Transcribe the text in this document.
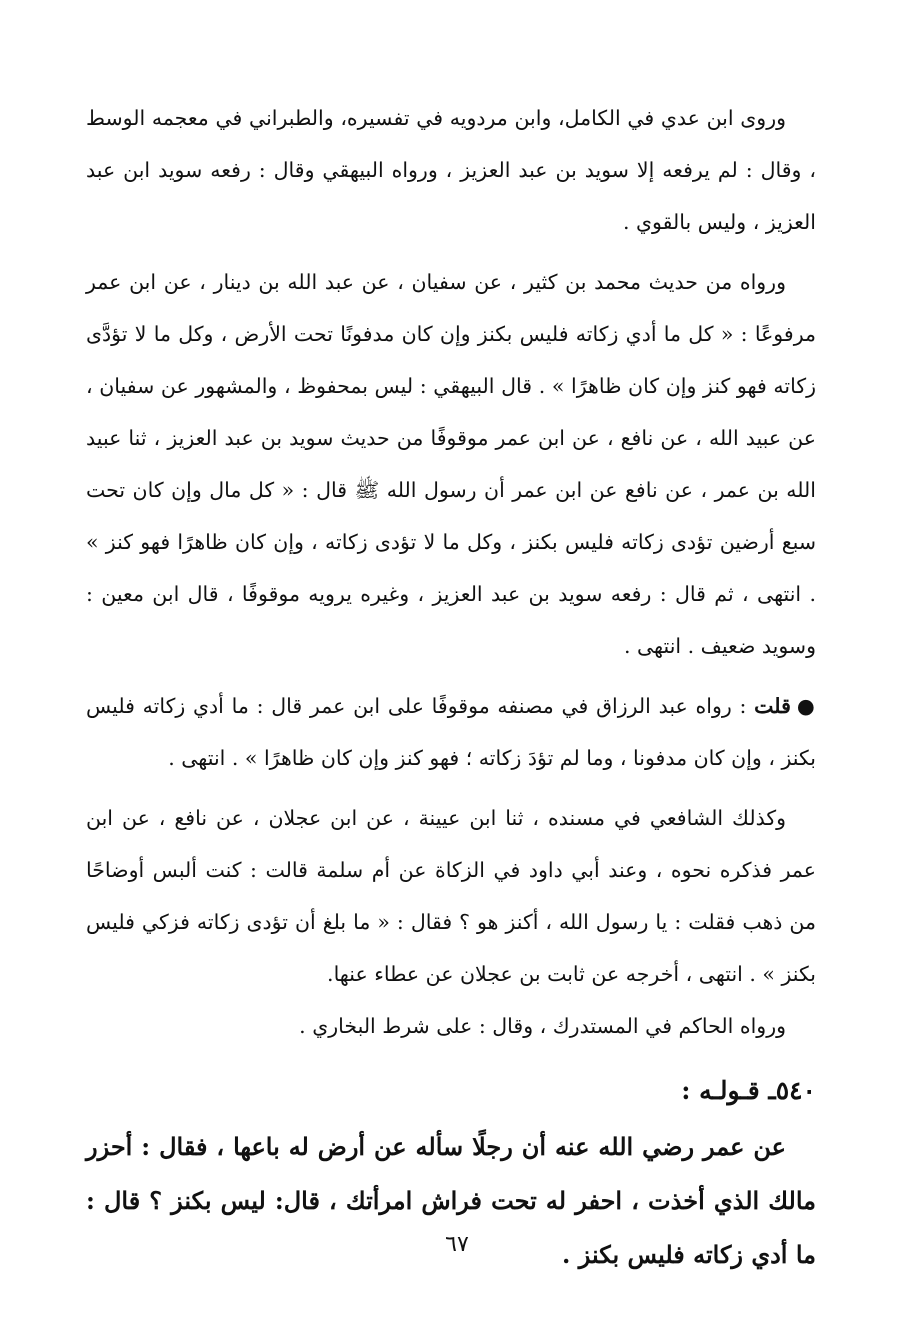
وروى ابن عدي في الكامل، وابن مردويه في تفسيره، والطبراني في معجمه الوسط ، وقال : لم يرفعه إلا سويد بن عبد العزيز ، ورواه البيهقي وقال : رفعه سويد ابن عبد العزيز ، وليس بالقوي .

ورواه من حديث محمد بن كثير ، عن سفيان ، عن عبد الله بن دينار ، عن ابن عمر مرفوعًا : « كل ما أدي زكاته فليس بكنز وإن كان مدفونًا تحت الأرض ، وكل ما لا تؤدَّى زكاته فهو كنز وإن كان ظاهرًا » . قال البيهقي : ليس بمحفوظ ، والمشهور عن سفيان ، عن عبيد الله ، عن نافع ، عن ابن عمر موقوفًا من حديث سويد بن عبد العزيز ، ثنا عبيد الله بن عمر ، عن نافع عن ابن عمر أن رسول الله ﷺ قال : « كل مال وإن كان تحت سبع أرضين تؤدى زكاته فليس بكنز ، وكل ما لا تؤدى زكاته ، وإن كان ظاهرًا فهو كنز » . انتهى ، ثم قال : رفعه سويد بن عبد العزيز ، وغيره يرويه موقوفًا ، قال ابن معين : وسويد ضعيف . انتهى .

●قلت : رواه عبد الرزاق في مصنفه موقوفًا على ابن عمر قال : ما أدي زكاته فليس بكنز ، وإن كان مدفونا ، وما لم تؤدَ زكاته ؛ فهو كنز وإن كان ظاهرًا » . انتهى .

وكذلك الشافعي في مسنده ، ثنا ابن عيينة ، عن ابن عجلان ، عن نافع ، عن ابن عمر فذكره نحوه ، وعند أبي داود في الزكاة عن أم سلمة قالت : كنت ألبس أوضاحًا من ذهب فقلت : يا رسول الله ، أكنز هو ؟ فقال : « ما بلغ أن تؤدى زكاته فزكي فليس بكنز » . انتهى ، أخرجه عن ثابت بن عجلان عن عطاء عنها.

ورواه الحاكم في المستدرك ، وقال : على شرط البخاري .

٥٤٠ـ قـولـه :

عن عمر رضي الله عنه أن رجلًا سأله عن أرض له باعها ، فقال : أحزر مالك الذي أخذت ، احفر له تحت فراش امرأتك ، قال: ليس بكنز ؟ قال : ما أدي زكاته فليس بكنز .

٦٧
